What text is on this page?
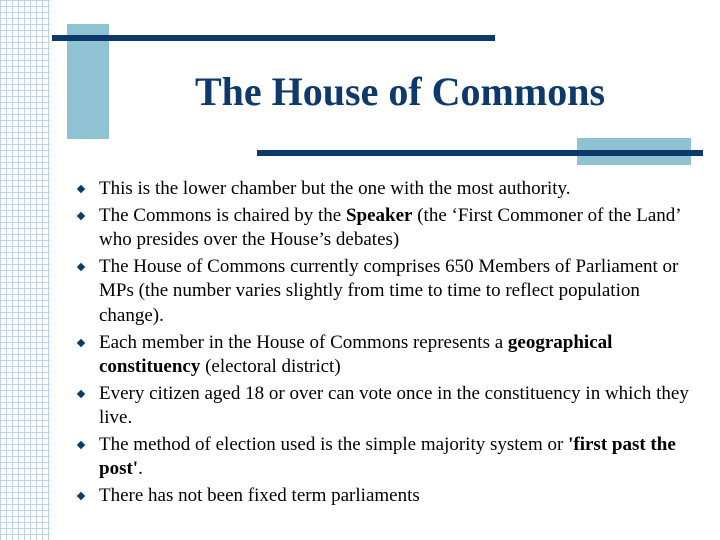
The House of Commons
This is the lower chamber but the one with the most authority.
The Commons is chaired by the Speaker (the ‘First Commoner of the Land’ who presides over the House’s debates)
The House of Commons currently comprises 650 Members of Parliament or MPs (the number varies slightly from time to time to reflect population change).
Each member in the House of Commons represents a geographical constituency (electoral district)
Every citizen aged 18 or over can vote once in the constituency in which they live.
The method of election used is the simple majority system or 'first past the post'.
There has not been fixed term parliaments
